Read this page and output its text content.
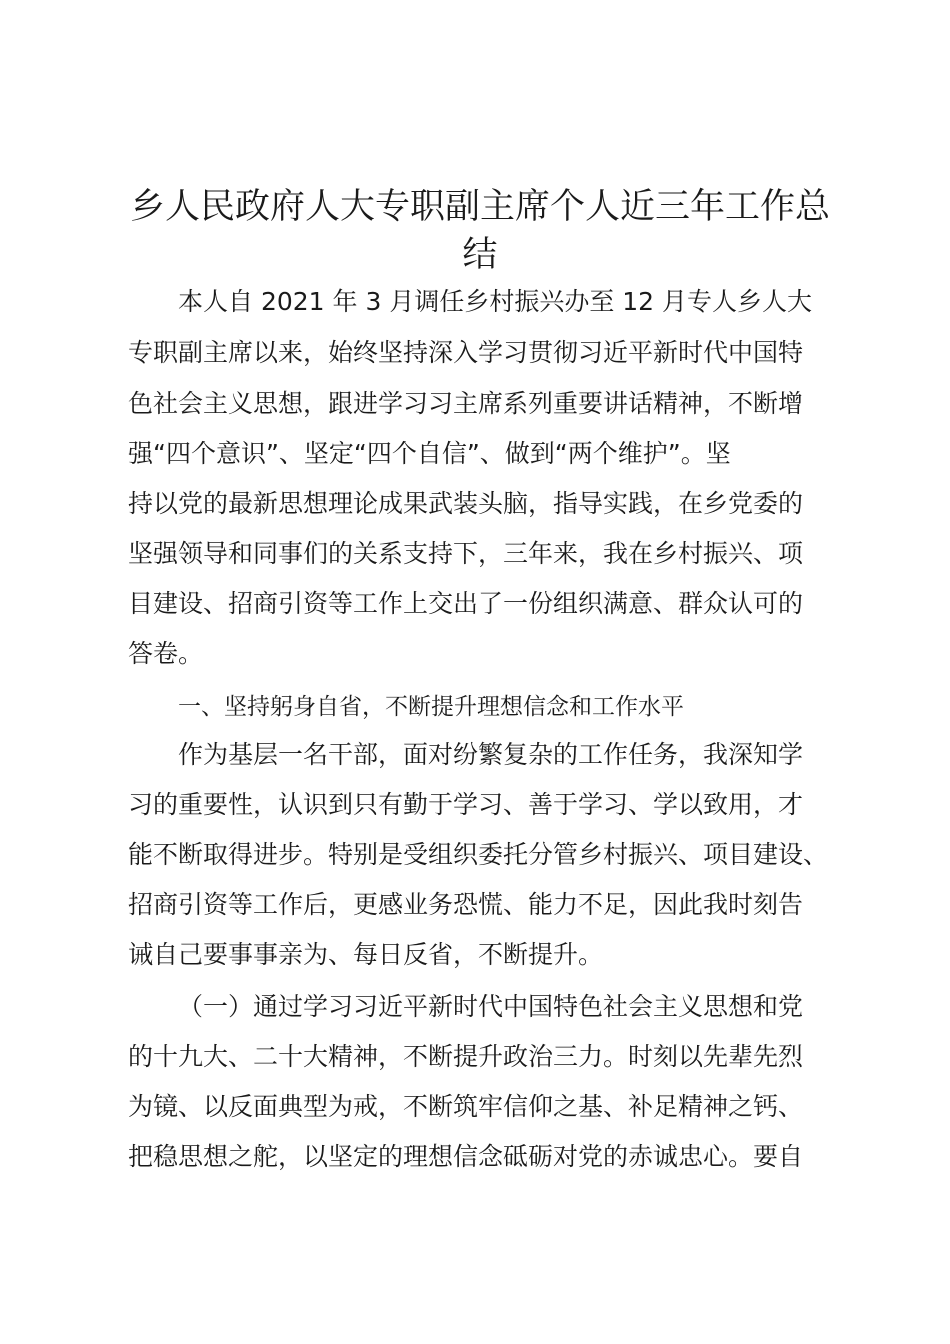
乡人民政府人大专职副主席个人近三年工作总
结

本人自 2021 年 3 月调任乡村振兴办至 12 月专人乡人大

专职副主席以来，始终坚持深入学习贯彻习近平新时代中国特

色社会主义思想，跟进学习习主席系列重要讲话精神，不断增

强“四个意识”、坚定“四个自信”、做到“两个维护”。坚

持以党的最新思想理论成果武装头脑，指导实践，在乡党委的

坚强领导和同事们的关系支持下，三年来，我在乡村振兴、项

目建设、招商引资等工作上交出了一份组织满意、群众认可的

答卷。

一、坚持躬身自省，不断提升理想信念和工作水平

作为基层一名干部，面对纷繁复杂的工作任务，我深知学

习的重要性，认识到只有勤于学习、善于学习、学以致用，才

能不断取得进步。特别是受组织委托分管乡村振兴、项目建设、

招商引资等工作后，更感业务恐慌、能力不足，因此我时刻告

诫自己要事事亲为、每日反省，不断提升。

（一）通过学习习近平新时代中国特色社会主义思想和党

的十九大、二十大精神，不断提升政治三力。时刻以先辈先烈

为镜、以反面典型为戒，不断筑牢信仰之基、补足精神之钙、

把稳思想之舵，以坚定的理想信念砥砺对党的赤诚忠心。要自
